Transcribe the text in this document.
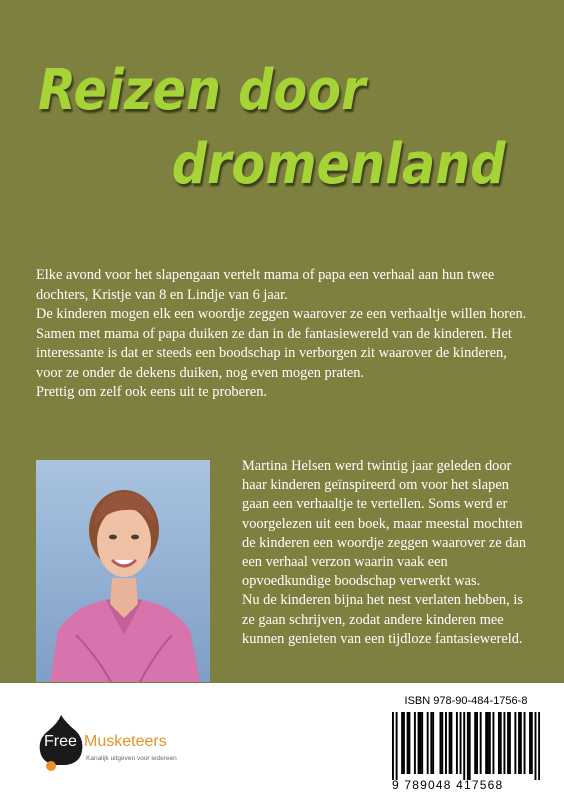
Reizen door
dromenland

Elke avond voor het slapengaan vertelt mama of papa een verhaal aan hun twee dochters, Kristje van 8 en Lindje van 6 jaar.

De kinderen mogen elk een woordje zeggen waarover ze een verhaaltje willen horen.

Samen met mama of papa duiken ze dan in de fantasiewereld van de kinderen. Het interessante is dat er steeds een boodschap in verborgen zit waarover de kinderen, voor ze onder de dekens duiken, nog even mogen praten.

Prettig om zelf ook eens uit te proberen.

Martina Helsen werd twintig jaar geleden door haar kinderen geïnspireerd om voor het slapen gaan een verhaaltje te vertellen. Soms werd er voorgelezen uit een boek, maar meestal mochten de kinderen een woordje zeggen waarover ze dan een verhaal verzon waarin vaak een opvoedkundige boodschap verwerkt was.

Nu de kinderen bijna het nest verlaten hebben, is ze gaan schrijven, zodat andere kinderen mee kunnen genieten van een tijdloze fantasiewereld.

Free Musketeers
Kanalijk uitgeven voor iedereen
ISBN 978-90-484-1756-8
9 789048 417568
